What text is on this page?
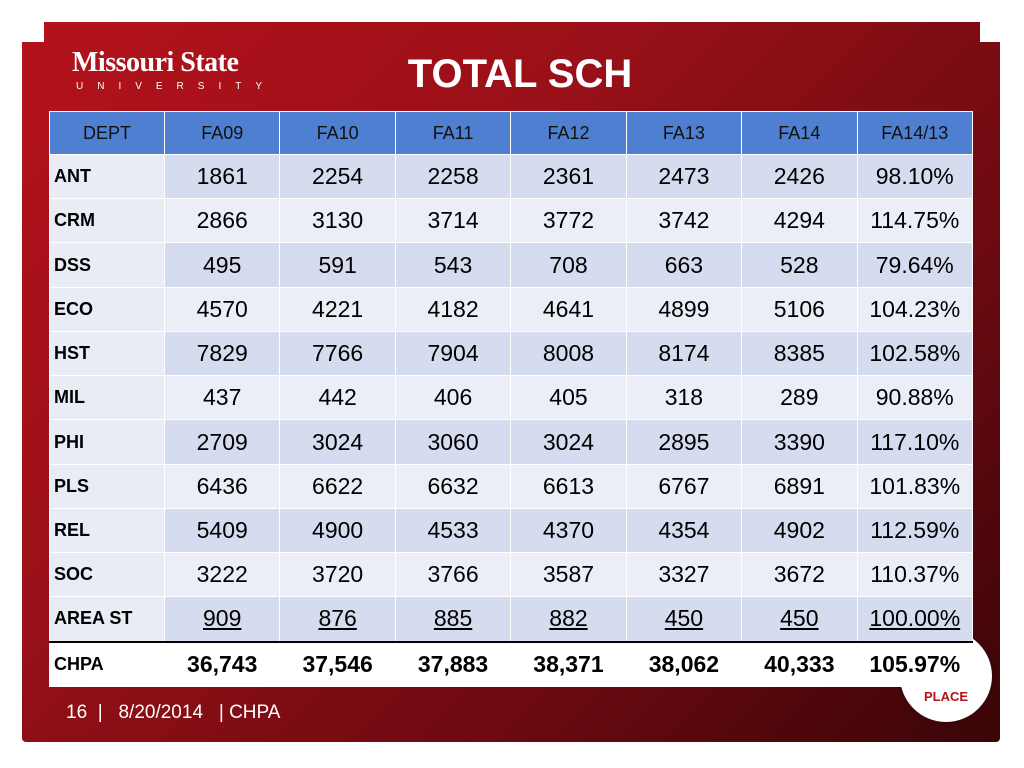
Missouri State
UNIVERSITY	TOTAL SCH
PLACE
DEPT	FA09	FA10	FA11	FA12	FA13	FA14	FA14/13
ANT	1861	2254	2258	2361	2473	2426	98.10%
CRM	2866	3130	3714	3772	3742	4294	114.75%
DSS	495	591	543	708	663	528	79.64%
ECO	4570	4221	4182	4641	4899	5106	104.23%
HST	7829	7766	7904	8008	8174	8385	102.58%
MIL	437	442	406	405	318	289	90.88%
PHI	2709	3024	3060	3024	2895	3390	117.10%
PLS	6436	6622	6632	6613	6767	6891	101.83%
REL	5409	4900	4533	4370	4354	4902	112.59%
SOC	3222	3720	3766	3587	3327	3672	110.37%
AREA ST	909	876	885	882	450	450	100.00%
CHPA	36,743	37,546	37,883	38,371	38,062	40,333	105.97%
16 | 8/20/2014 | CHPA
